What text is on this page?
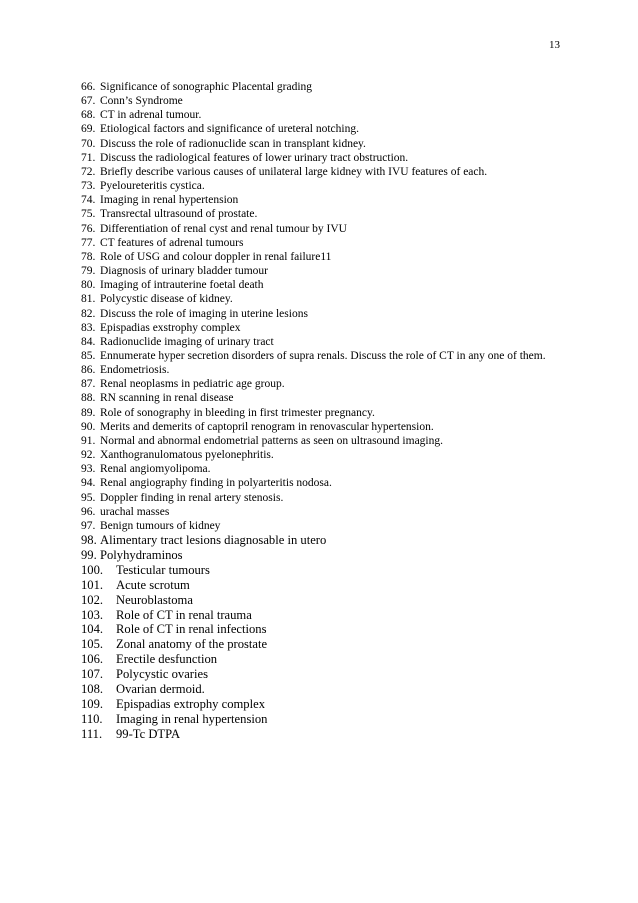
13
66. Significance of sonographic Placental grading
67. Conn’s Syndrome
68. CT in adrenal tumour.
69. Etiological factors and significance of ureteral notching.
70. Discuss the role of radionuclide scan in transplant kidney.
71. Discuss the radiological features of lower urinary tract obstruction.
72. Briefly describe various causes of unilateral large kidney with IVU features of each.
73. Pyeloureteritis cystica.
74. Imaging in renal hypertension
75. Transrectal ultrasound of prostate.
76. Differentiation of renal cyst and renal tumour by IVU
77. CT features of adrenal tumours
78. Role of USG and colour doppler in renal failure11
79. Diagnosis of urinary bladder tumour
80. Imaging of intrauterine foetal death
81. Polycystic disease of kidney.
82. Discuss the role of imaging in uterine lesions
83. Epispadias exstrophy complex
84. Radionuclide imaging of urinary tract
85. Ennumerate hyper secretion disorders of supra renals. Discuss the role of CT in any one of them.
86. Endometriosis.
87. Renal neoplasms in pediatric age group.
88. RN scanning in renal disease
89. Role of sonography in bleeding in first trimester pregnancy.
90. Merits and demerits of captopril renogram in renovascular hypertension.
91. Normal and abnormal endometrial patterns as seen on ultrasound imaging.
92. Xanthogranulomatous pyelonephritis.
93. Renal angiomyolipoma.
94. Renal angiography finding in polyarteritis nodosa.
95. Doppler finding in renal artery stenosis.
96. urachal masses
97. Benign tumours of kidney
98. Alimentary tract lesions diagnosable in utero
99. Polyhydraminos
100.	Testicular tumours
101.	Acute scrotum
102.	Neuroblastoma
103.	Role of CT in renal trauma
104.	Role of CT in renal infections
105.	Zonal anatomy of the prostate
106.	Erectile desfunction
107.	Polycystic ovaries
108.	Ovarian dermoid.
109.	Epispadias extrophy complex
110.	Imaging in renal hypertension
111.	99-Tc DTPA
